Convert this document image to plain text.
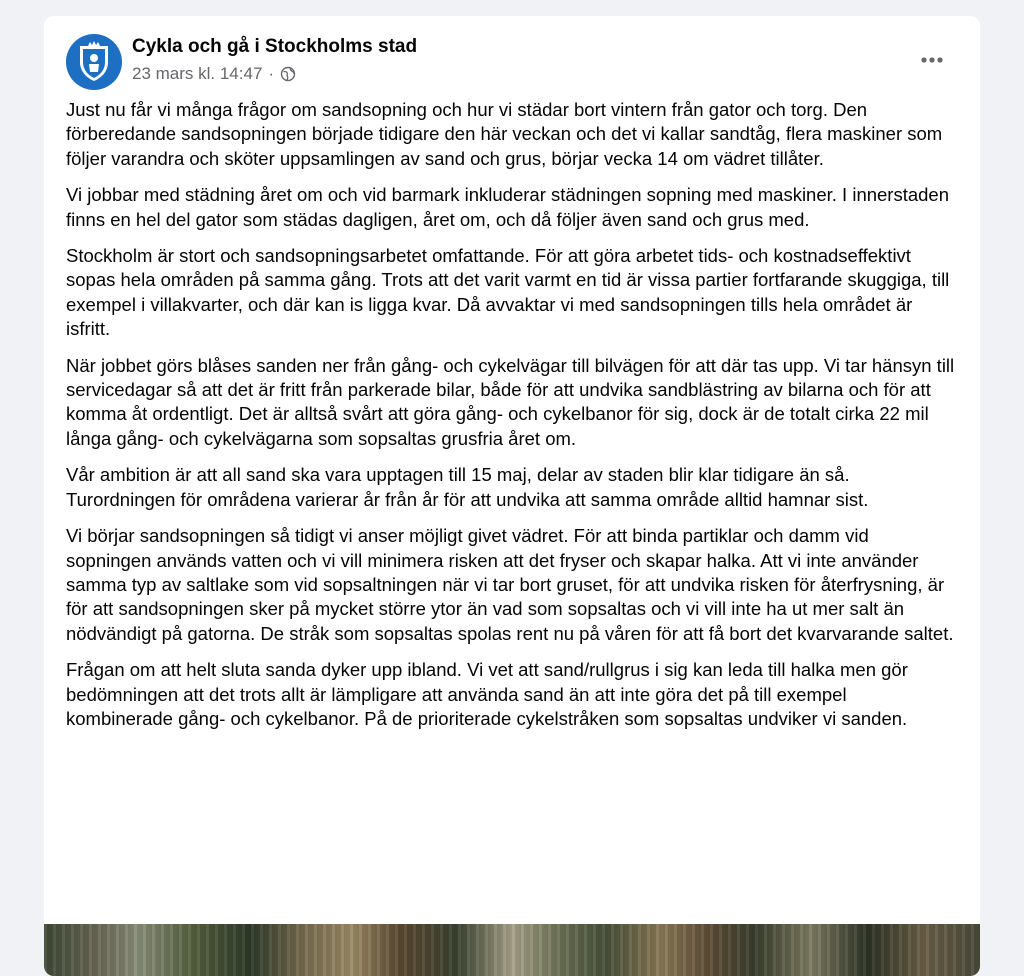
Cykla och gå i Stockholms stad
23 mars kl. 14:47 ·

Just nu får vi många frågor om sandsopning och hur vi städar bort vintern från gator och torg. Den förberedande sandsopningen började tidigare den här veckan och det vi kallar sandtåg, flera maskiner som följer varandra och sköter uppsamlingen av sand och grus, börjar vecka 14 om vädret tillåter.

Vi jobbar med städning året om och vid barmark inkluderar städningen sopning med maskiner. I innerstaden finns en hel del gator som städas dagligen, året om, och då följer även sand och grus med.

Stockholm är stort och sandsopningsarbetet omfattande. För att göra arbetet tids- och kostnadseffektivt sopas hela områden på samma gång. Trots att det varit varmt en tid är vissa partier fortfarande skuggiga, till exempel i villakvarter, och där kan is ligga kvar. Då avvaktar vi med sandsopningen tills hela området är isfritt.

När jobbet görs blåses sanden ner från gång- och cykelvägar till bilvägen för att där tas upp. Vi tar hänsyn till servicedagar så att det är fritt från parkerade bilar, både för att undvika sandblästring av bilarna och för att komma åt ordentligt. Det är alltså svårt att göra gång- och cykelbanor för sig, dock är de totalt cirka 22 mil långa gång- och cykelvägarna som sopsaltas grusfria året om.

Vår ambition är att all sand ska vara upptagen till 15 maj, delar av staden blir klar tidigare än så. Turordningen för områdena varierar år från år för att undvika att samma område alltid hamnar sist.

Vi börjar sandsopningen så tidigt vi anser möjligt givet vädret. För att binda partiklar och damm vid sopningen används vatten och vi vill minimera risken att det fryser och skapar halka. Att vi inte använder samma typ av saltlake som vid sopsaltningen när vi tar bort gruset, för att undvika risken för återfrysning, är för att sandsopningen sker på mycket större ytor än vad som sopsaltas och vi vill inte ha ut mer salt än nödvändigt på gatorna. De stråk som sopsaltas spolas rent nu på våren för att få bort det kvarvarande saltet.

Frågan om att helt sluta sanda dyker upp ibland. Vi vet att sand/rullgrus i sig kan leda till halka men gör bedömningen att det trots allt är lämpligare att använda sand än att inte göra det på till exempel kombinerade gång- och cykelbanor. På de prioriterade cykelstråken som sopsaltas undviker vi sanden.
